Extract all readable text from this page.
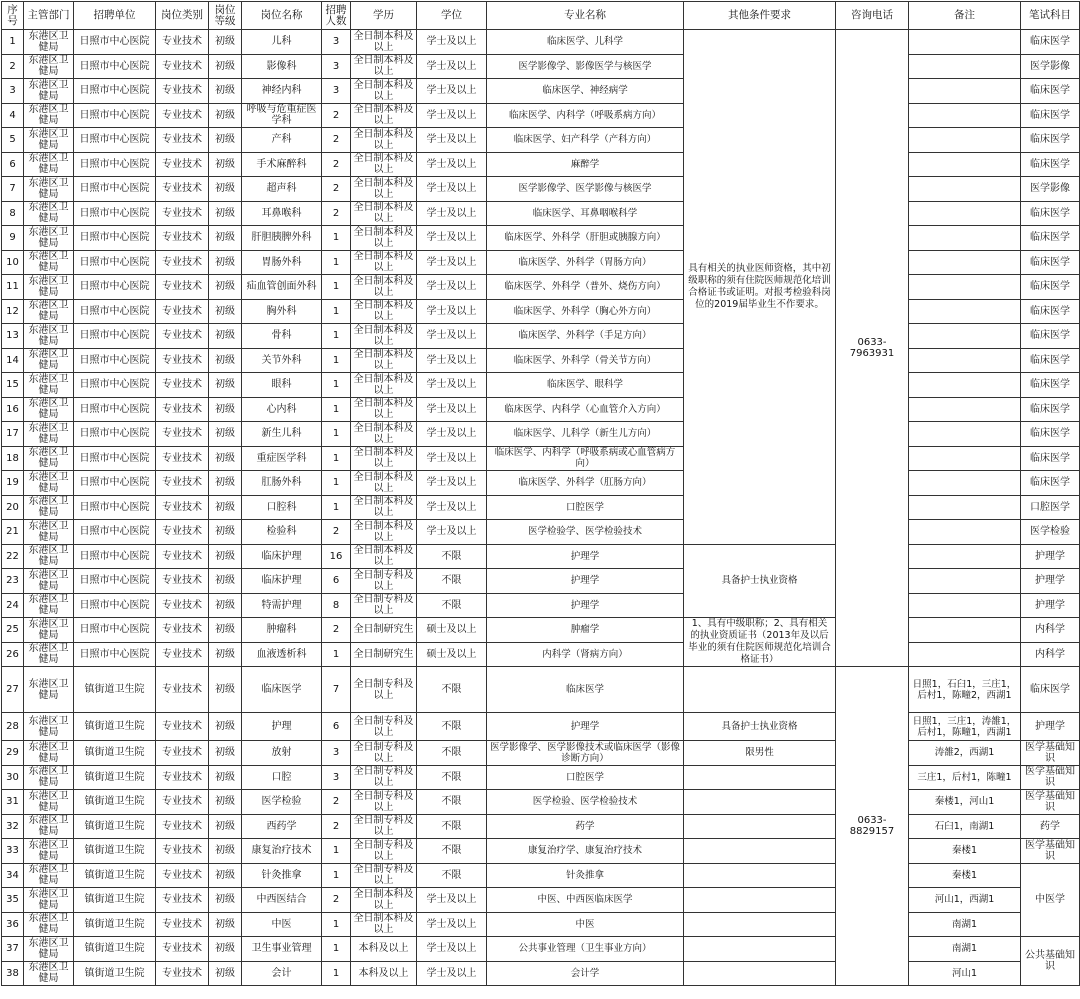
序号	主管部门	招聘单位	岗位类别	岗位等级	岗位名称	招聘人数	学历	学位	专业名称	其他条件要求	咨询电话	备注	笔试科目
1	东港区卫健局	日照市中心医院	专业技术	初级	儿科	3	全日制本科及以上	学士及以上	临床医学、儿科学	具有相关的执业医师资格，其中初级职称的须有住院医师规范化培训合格证书或证明。对报考检验科岗位的2019届毕业生不作要求。	0633-7963931		临床医学
2	东港区卫健局	日照市中心医院	专业技术	初级	影像科	3	全日制本科及以上	学士及以上	医学影像学、影像医学与核医学				医学影像
3	东港区卫健局	日照市中心医院	专业技术	初级	神经内科	3	全日制本科及以上	学士及以上	临床医学、神经病学				临床医学
4	东港区卫健局	日照市中心医院	专业技术	初级	呼吸与危重症医学科	2	全日制本科及以上	学士及以上	临床医学、内科学（呼吸系病方向）				临床医学
5	东港区卫健局	日照市中心医院	专业技术	初级	产科	2	全日制本科及以上	学士及以上	临床医学、妇产科学（产科方向）				临床医学
6	东港区卫健局	日照市中心医院	专业技术	初级	手术麻醉科	2	全日制本科及以上	学士及以上	麻醉学				临床医学
7	东港区卫健局	日照市中心医院	专业技术	初级	超声科	2	全日制本科及以上	学士及以上	医学影像学、医学影像与核医学				医学影像
8	东港区卫健局	日照市中心医院	专业技术	初级	耳鼻喉科	2	全日制本科及以上	学士及以上	临床医学、耳鼻咽喉科学				临床医学
9	东港区卫健局	日照市中心医院	专业技术	初级	肝胆胰脾外科	1	全日制本科及以上	学士及以上	临床医学、外科学（肝胆或胰腺方向）				临床医学
10	东港区卫健局	日照市中心医院	专业技术	初级	胃肠外科	1	全日制本科及以上	学士及以上	临床医学、外科学（胃肠方向）				临床医学
11	东港区卫健局	日照市中心医院	专业技术	初级	疝血管创面外科	1	全日制本科及以上	学士及以上	临床医学、外科学（普外、烧伤方向）				临床医学
12	东港区卫健局	日照市中心医院	专业技术	初级	胸外科	1	全日制本科及以上	学士及以上	临床医学、外科学（胸心外方向）				临床医学
13	东港区卫健局	日照市中心医院	专业技术	初级	骨科	1	全日制本科及以上	学士及以上	临床医学、外科学（手足方向）				临床医学
14	东港区卫健局	日照市中心医院	专业技术	初级	关节外科	1	全日制本科及以上	学士及以上	临床医学、外科学（骨关节方向）				临床医学
15	东港区卫健局	日照市中心医院	专业技术	初级	眼科	1	全日制本科及以上	学士及以上	临床医学、眼科学				临床医学
16	东港区卫健局	日照市中心医院	专业技术	初级	心内科	1	全日制本科及以上	学士及以上	临床医学、内科学（心血管介入方向）				临床医学
17	东港区卫健局	日照市中心医院	专业技术	初级	新生儿科	1	全日制本科及以上	学士及以上	临床医学、儿科学（新生儿方向）				临床医学
18	东港区卫健局	日照市中心医院	专业技术	初级	重症医学科	1	全日制本科及以上	学士及以上	临床医学、内科学（呼吸系病或心血管病方向）				临床医学
19	东港区卫健局	日照市中心医院	专业技术	初级	肛肠外科	1	全日制本科及以上	学士及以上	临床医学、外科学（肛肠方向）				临床医学
20	东港区卫健局	日照市中心医院	专业技术	初级	口腔科	1	全日制本科及以上	学士及以上	口腔医学				口腔医学
21	东港区卫健局	日照市中心医院	专业技术	初级	检验科	2	全日制本科及以上	学士及以上	医学检验学、医学检验技术				医学检验
22	东港区卫健局	日照市中心医院	专业技术	初级	临床护理	16	全日制本科及以上	不限	护理学	具备护士执业资格			护理学
23	东港区卫健局	日照市中心医院	专业技术	初级	临床护理	6	全日制专科及以上	不限	护理学				护理学
24	东港区卫健局	日照市中心医院	专业技术	初级	特需护理	8	全日制专科及以上	不限	护理学				护理学
25	东港区卫健局	日照市中心医院	专业技术	初级	肿瘤科	2	全日制研究生	硕士及以上	肿瘤学	1、具有中级职称；2、具有相关的执业资质证书（2013年及以后毕业的须有住院医师规范化培训合格证书）			内科学
26	东港区卫健局	日照市中心医院	专业技术	初级	血液透析科	1	全日制研究生	硕士及以上	内科学（肾病方向）				内科学
27	东港区卫健局	镇街道卫生院	专业技术	初级	临床医学	7	全日制专科及以上	不限	临床医学		0633-8829157	日照1，石臼1，三庄1，后村1，陈疃2，西湖1	临床医学
28	东港区卫健局	镇街道卫生院	专业技术	初级	护理	6	全日制专科及以上	不限	护理学	具备护士执业资格		日照1，三庄1，涛雒1，后村1，陈疃1，西湖1	护理学
29	东港区卫健局	镇街道卫生院	专业技术	初级	放射	3	全日制专科及以上	不限	医学影像学、医学影像技术或临床医学（影像诊断方向）	限男性		涛雒2，西湖1	医学基础知识
30	东港区卫健局	镇街道卫生院	专业技术	初级	口腔	3	全日制专科及以上	不限	口腔医学			三庄1，后村1，陈疃1	医学基础知识
31	东港区卫健局	镇街道卫生院	专业技术	初级	医学检验	2	全日制专科及以上	不限	医学检验、医学检验技术			秦楼1，河山1	医学基础知识
32	东港区卫健局	镇街道卫生院	专业技术	初级	西药学	2	全日制专科及以上	不限	药学			石臼1，南湖1	药学
33	东港区卫健局	镇街道卫生院	专业技术	初级	康复治疗技术	1	全日制专科及以上	不限	康复治疗学、康复治疗技术			秦楼1	医学基础知识
34	东港区卫健局	镇街道卫生院	专业技术	初级	针灸推拿	1	全日制专科及以上	不限	针灸推拿			秦楼1	中医学
35	东港区卫健局	镇街道卫生院	专业技术	初级	中西医结合	2	全日制本科及以上	学士及以上	中医、中西医临床医学			河山1，西湖1	
36	东港区卫健局	镇街道卫生院	专业技术	初级	中医	1	全日制本科及以上	学士及以上	中医			南湖1	
37	东港区卫健局	镇街道卫生院	专业技术	初级	卫生事业管理	1	本科及以上	学士及以上	公共事业管理（卫生事业方向）			南湖1	公共基础知识
38	东港区卫健局	镇街道卫生院	专业技术	初级	会计	1	本科及以上	学士及以上	会计学			河山1	
